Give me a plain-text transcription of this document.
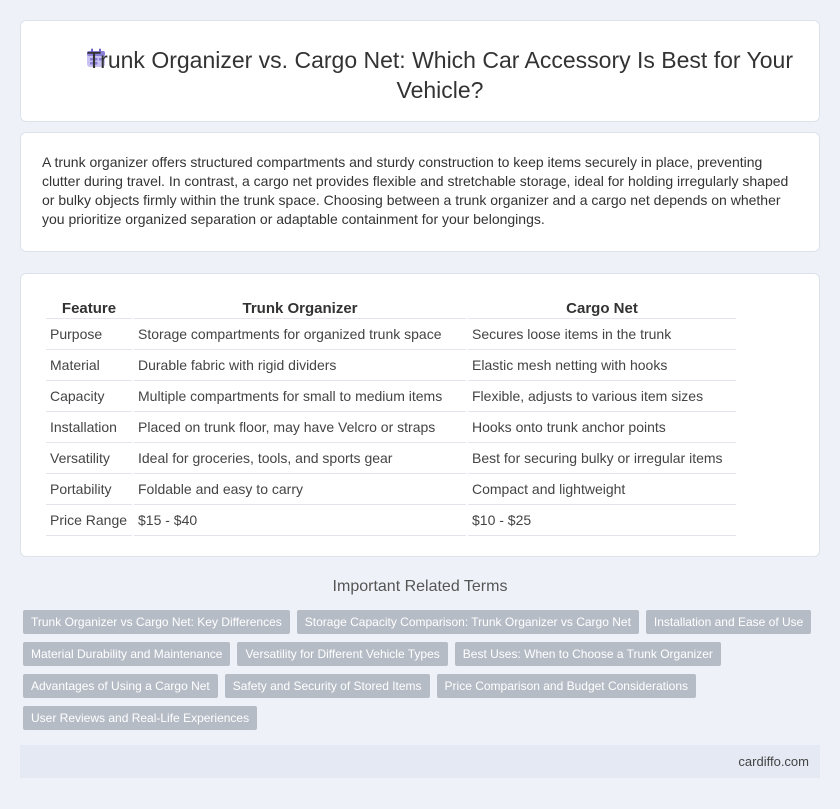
Trunk Organizer vs. Cargo Net: Which Car Accessory Is Best for Your Vehicle?

A trunk organizer offers structured compartments and sturdy construction to keep items securely in place, preventing clutter during travel. In contrast, a cargo net provides flexible and stretchable storage, ideal for holding irregularly shaped or bulky objects firmly within the trunk space. Choosing between a trunk organizer and a cargo net depends on whether you prioritize organized separation or adaptable containment for your belongings.

Feature	Trunk Organizer	Cargo Net
Purpose	Storage compartments for organized trunk space	Secures loose items in the trunk
Material	Durable fabric with rigid dividers	Elastic mesh netting with hooks
Capacity	Multiple compartments for small to medium items	Flexible, adjusts to various item sizes
Installation	Placed on trunk floor, may have Velcro or straps	Hooks onto trunk anchor points
Versatility	Ideal for groceries, tools, and sports gear	Best for securing bulky or irregular items
Portability	Foldable and easy to carry	Compact and lightweight
Price Range	$15 - $40	$10 - $25
Important Related Terms
Trunk Organizer vs Cargo Net: Key Differences	Storage Capacity Comparison: Trunk Organizer vs Cargo Net	Installation and Ease of Use
Material Durability and Maintenance	Versatility for Different Vehicle Types	Best Uses: When to Choose a Trunk Organizer
Advantages of Using a Cargo Net	Safety and Security of Stored Items	Price Comparison and Budget Considerations
User Reviews and Real-Life Experiences
cardiffo.com
